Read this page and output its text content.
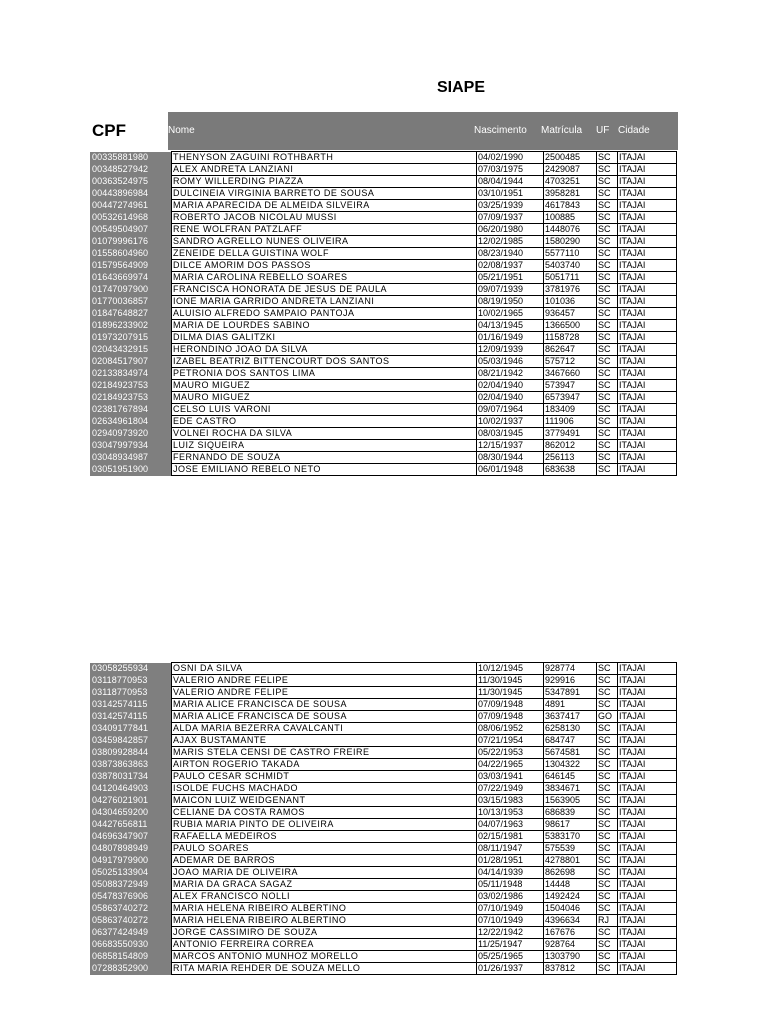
SIAPE
CPF	Nome	Nascimento Matrícula UF Cidade
00335881980	THENYSON ZAGUINI ROTHBARTH	04/02/1990	2500485	SC	ITAJAI
00348527942	ALEX ANDRETA LANZIANI	07/03/1975	2429087	SC	ITAJAI
00363524975	ROMY WILLERDING PIAZZA	08/04/1944	4703251	SC	ITAJAI
00443896984	DULCINEIA VIRGINIA BARRETO DE SOUSA	03/10/1951	3958281	SC	ITAJAI
00447274961	MARIA APARECIDA DE ALMEIDA SILVEIRA	03/25/1939	4617843	SC	ITAJAI
00532614968	ROBERTO JACOB NICOLAU MUSSI	07/09/1937	100885	SC	ITAJAI
00549504907	RENE WOLFRAN PATZLAFF	06/20/1980	1448076	SC	ITAJAI
01079996176	SANDRO AGRELLO NUNES OLIVEIRA	12/02/1985	1580290	SC	ITAJAI
01558604960	ZENEIDE DELLA GUISTINA WOLF	08/23/1940	5577110	SC	ITAJAI
01579564909	DILCE AMORIM DOS PASSOS	02/08/1937	5403740	SC	ITAJAI
01643669974	MARIA CAROLINA REBELLO SOARES	05/21/1951	5051711	SC	ITAJAI
01747097900	FRANCISCA HONORATA DE JESUS DE PAULA	09/07/1939	3781976	SC	ITAJAI
01770036857	IONE MARIA GARRIDO ANDRETA LANZIANI	08/19/1950	101036	SC	ITAJAI
01847648827	ALUISIO ALFREDO SAMPAIO PANTOJA	10/02/1965	936457	SC	ITAJAI
01896233902	MARIA DE LOURDES SABINO	04/13/1945	1366500	SC	ITAJAI
01973207915	DILMA DIAS GALITZKI	01/16/1949	1158728	SC	ITAJAI
02043432915	HERONDINO JOAO DA SILVA	12/09/1939	862647	SC	ITAJAI
02084517907	IZABEL BEATRIZ BITTENCOURT DOS SANTOS	05/03/1946	575712	SC	ITAJAI
02133834974	PETRONIA DOS SANTOS LIMA	08/21/1942	3467660	SC	ITAJAI
02184923753	MAURO MIGUEZ	02/04/1940	573947	SC	ITAJAI
02184923753	MAURO MIGUEZ	02/04/1940	6573947	SC	ITAJAI
02381767894	CELSO LUIS VARONI	09/07/1964	183409	SC	ITAJAI
02634961804	EDE CASTRO	10/02/1937	111906	SC	ITAJAI
02940973920	VOLNEI ROCHA DA SILVA	08/03/1945	3779491	SC	ITAJAI
03047997934	LUIZ SIQUEIRA	12/15/1937	862012	SC	ITAJAI
03048934987	FERNANDO DE SOUZA	08/30/1944	256113	SC	ITAJAI
03051951900	JOSE EMILIANO REBELO NETO	06/01/1948	683638	SC	ITAJAI
03058255934	OSNI DA SILVA	10/12/1945	928774	SC	ITAJAI
03118770953	VALERIO ANDRE FELIPE	11/30/1945	929916	SC	ITAJAI
03118770953	VALERIO ANDRE FELIPE	11/30/1945	5347891	SC	ITAJAI
03142574115	MARIA ALICE FRANCISCA DE SOUSA	07/09/1948	4891	SC	ITAJAI
03142574115	MARIA ALICE FRANCISCA DE SOUSA	07/09/1948	3637417	GO	ITAJAI
03409177841	ALDA MARIA BEZERRA CAVALCANTI	08/06/1952	6258130	SC	ITAJAI
03459842857	AJAX BUSTAMANTE	07/21/1954	684747	SC	ITAJAI
03809928844	MARIS STELA CENSI DE CASTRO FREIRE	05/22/1953	5674581	SC	ITAJAI
03873863863	AIRTON ROGERIO TAKADA	04/22/1965	1304322	SC	ITAJAI
03878031734	PAULO CESAR SCHMIDT	03/03/1941	646145	SC	ITAJAI
04120464903	ISOLDE FUCHS MACHADO	07/22/1949	3834671	SC	ITAJAI
04276021901	MAICON LUIZ WEIDGENANT	03/15/1983	1563905	SC	ITAJAI
04304659200	CELIANE DA COSTA RAMOS	10/13/1953	686839	SC	ITAJAI
04427656811	RUBIA MARIA PINTO DE OLIVEIRA	04/07/1963	98617	SC	ITAJAI
04696347907	RAFAELLA MEDEIROS	02/15/1981	5383170	SC	ITAJAI
04807898949	PAULO SOARES	08/11/1947	575539	SC	ITAJAI
04917979900	ADEMAR DE BARROS	01/28/1951	4278801	SC	ITAJAI
05025133904	JOAO MARIA DE OLIVEIRA	04/14/1939	862698	SC	ITAJAI
05088372949	MARIA DA GRACA SAGAZ	05/11/1948	14448	SC	ITAJAI
05478376906	ALEX FRANCISCO NOLLI	03/02/1986	1492424	SC	ITAJAI
05863740272	MARIA HELENA RIBEIRO ALBERTINO	07/10/1949	1504046	SC	ITAJAI
05863740272	MARIA HELENA RIBEIRO ALBERTINO	07/10/1949	4396634	RJ	ITAJAI
06377424949	JORGE CASSIMIRO DE SOUZA	12/22/1942	167676	SC	ITAJAI
06683550930	ANTONIO FERREIRA CORREA	11/25/1947	928764	SC	ITAJAI
06858154809	MARCOS ANTONIO MUNHOZ MORELLO	05/25/1965	1303790	SC	ITAJAI
07288352900	RITA MARIA REHDER DE SOUZA MELLO	01/26/1937	837812	SC	ITAJAI
